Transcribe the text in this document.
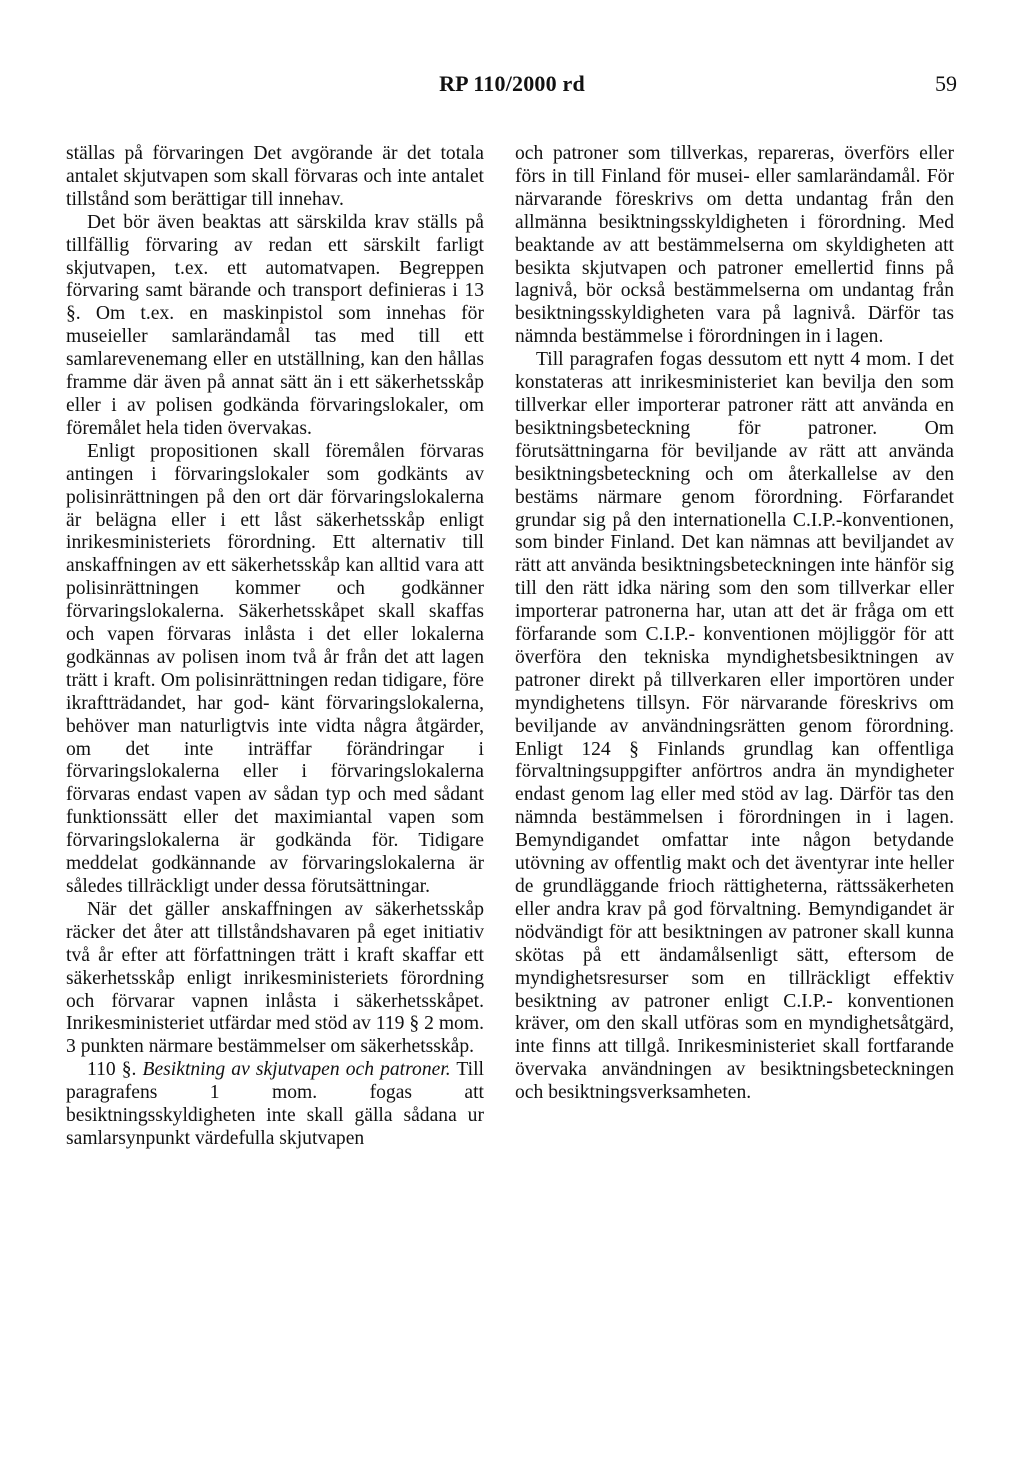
RP 110/2000 rd	59

ställas på förvaringen Det avgörande är det totala antalet skjutvapen som skall förvaras och inte antalet tillstånd som berättigar till innehav.

Det bör även beaktas att särskilda krav ställs på tillfällig förvaring av redan ett särskilt farligt skjutvapen, t.ex. ett automatvapen. Begreppen förvaring samt bärande och transport definieras i 13 §. Om t.ex. en maskinpistol som innehas för museieller samlarändamål tas med till ett samlarevenemang eller en utställning, kan den hållas framme där även på annat sätt än i ett säkerhetsskåp eller i av polisen godkända förvaringslokaler, om föremålet hela tiden övervakas.

Enligt propositionen skall föremålen förvaras antingen i förvaringslokaler som godkänts av polisinrättningen på den ort där förvaringslokalerna är belägna eller i ett låst säkerhetsskåp enligt inrikesministeriets förordning. Ett alternativ till anskaffningen av ett säkerhetsskåp kan alltid vara att polisinrättningen kommer och godkänner förvaringslokalerna. Säkerhetsskåpet skall skaffas och vapen förvaras inlåsta i det eller lokalerna godkännas av polisen inom två år från det att lagen trätt i kraft. Om polisinrättningen redan tidigare, före ikraftträdandet, har god- känt förvaringslokalerna, behöver man naturligtvis inte vidta några åtgärder, om det inte inträffar förändringar i förvaringslokalerna eller i förvaringslokalerna förvaras endast vapen av sådan typ och med sådant funktionssätt eller det maximiantal vapen som förvaringslokalerna är godkända för. Tidigare meddelat godkännande av förvaringslokalerna är således tillräckligt under dessa förutsättningar.

När det gäller anskaffningen av säkerhetsskåp räcker det åter att tillståndshavaren på eget initiativ två år efter att författningen trätt i kraft skaffar ett säkerhetsskåp enligt inrikesministeriets förordning och förvarar vapnen inlåsta i säkerhetsskåpet. Inrikesministeriet utfärdar med stöd av 119 § 2 mom. 3 punkten närmare bestämmelser om säkerhetsskåp.

110 §. Besiktning av skjutvapen och patroner. Till paragrafens 1 mom. fogas att besiktningsskyldigheten inte skall gälla sådana ur samlarsynpunkt värdefulla skjutvapen

och patroner som tillverkas, repareras, överförs eller förs in till Finland för musei- eller samlarändamål. För närvarande föreskrivs om detta undantag från den allmänna besiktningsskyldigheten i förordning. Med beaktande av att bestämmelserna om skyldigheten att besikta skjutvapen och patroner emellertid finns på lagnivå, bör också bestämmelserna om undantag från besiktningsskyldigheten vara på lagnivå. Därför tas nämnda bestämmelse i förordningen in i lagen.

Till paragrafen fogas dessutom ett nytt 4 mom. I det konstateras att inrikesministeriet kan bevilja den som tillverkar eller importerar patroner rätt att använda en besiktningsbeteckning för patroner. Om förutsättningarna för beviljande av rätt att använda besiktningsbeteckning och om återkallelse av den bestäms närmare genom förordning. Förfarandet grundar sig på den internationella C.I.P.-konventionen, som binder Finland. Det kan nämnas att beviljandet av rätt att använda besiktningsbeteckningen inte hänför sig till den rätt idka näring som den som tillverkar eller importerar patronerna har, utan att det är fråga om ett förfarande som C.I.P.- konventionen möjliggör för att överföra den tekniska myndighetsbesiktningen av patroner direkt på tillverkaren eller importören under myndighetens tillsyn. För närvarande föreskrivs om beviljande av användningsrätten genom förordning. Enligt 124 § Finlands grundlag kan offentliga förvaltningsuppgifter anförtros andra än myndigheter endast genom lag eller med stöd av lag. Därför tas den nämnda bestämmelsen i förordningen in i lagen. Bemyndigandet omfattar inte någon betydande utövning av offentlig makt och det äventyrar inte heller de grundläggande frioch rättigheterna, rättssäkerheten eller andra krav på god förvaltning. Bemyndigandet är nödvändigt för att besiktningen av patroner skall kunna skötas på ett ändamålsenligt sätt, eftersom de myndighetsresurser som en tillräckligt effektiv besiktning av patroner enligt C.I.P.- konventionen kräver, om den skall utföras som en myndighetsåtgärd, inte finns att tillgå. Inrikesministeriet skall fortfarande övervaka användningen av besiktningsbeteckningen och besiktningsverksamheten.
